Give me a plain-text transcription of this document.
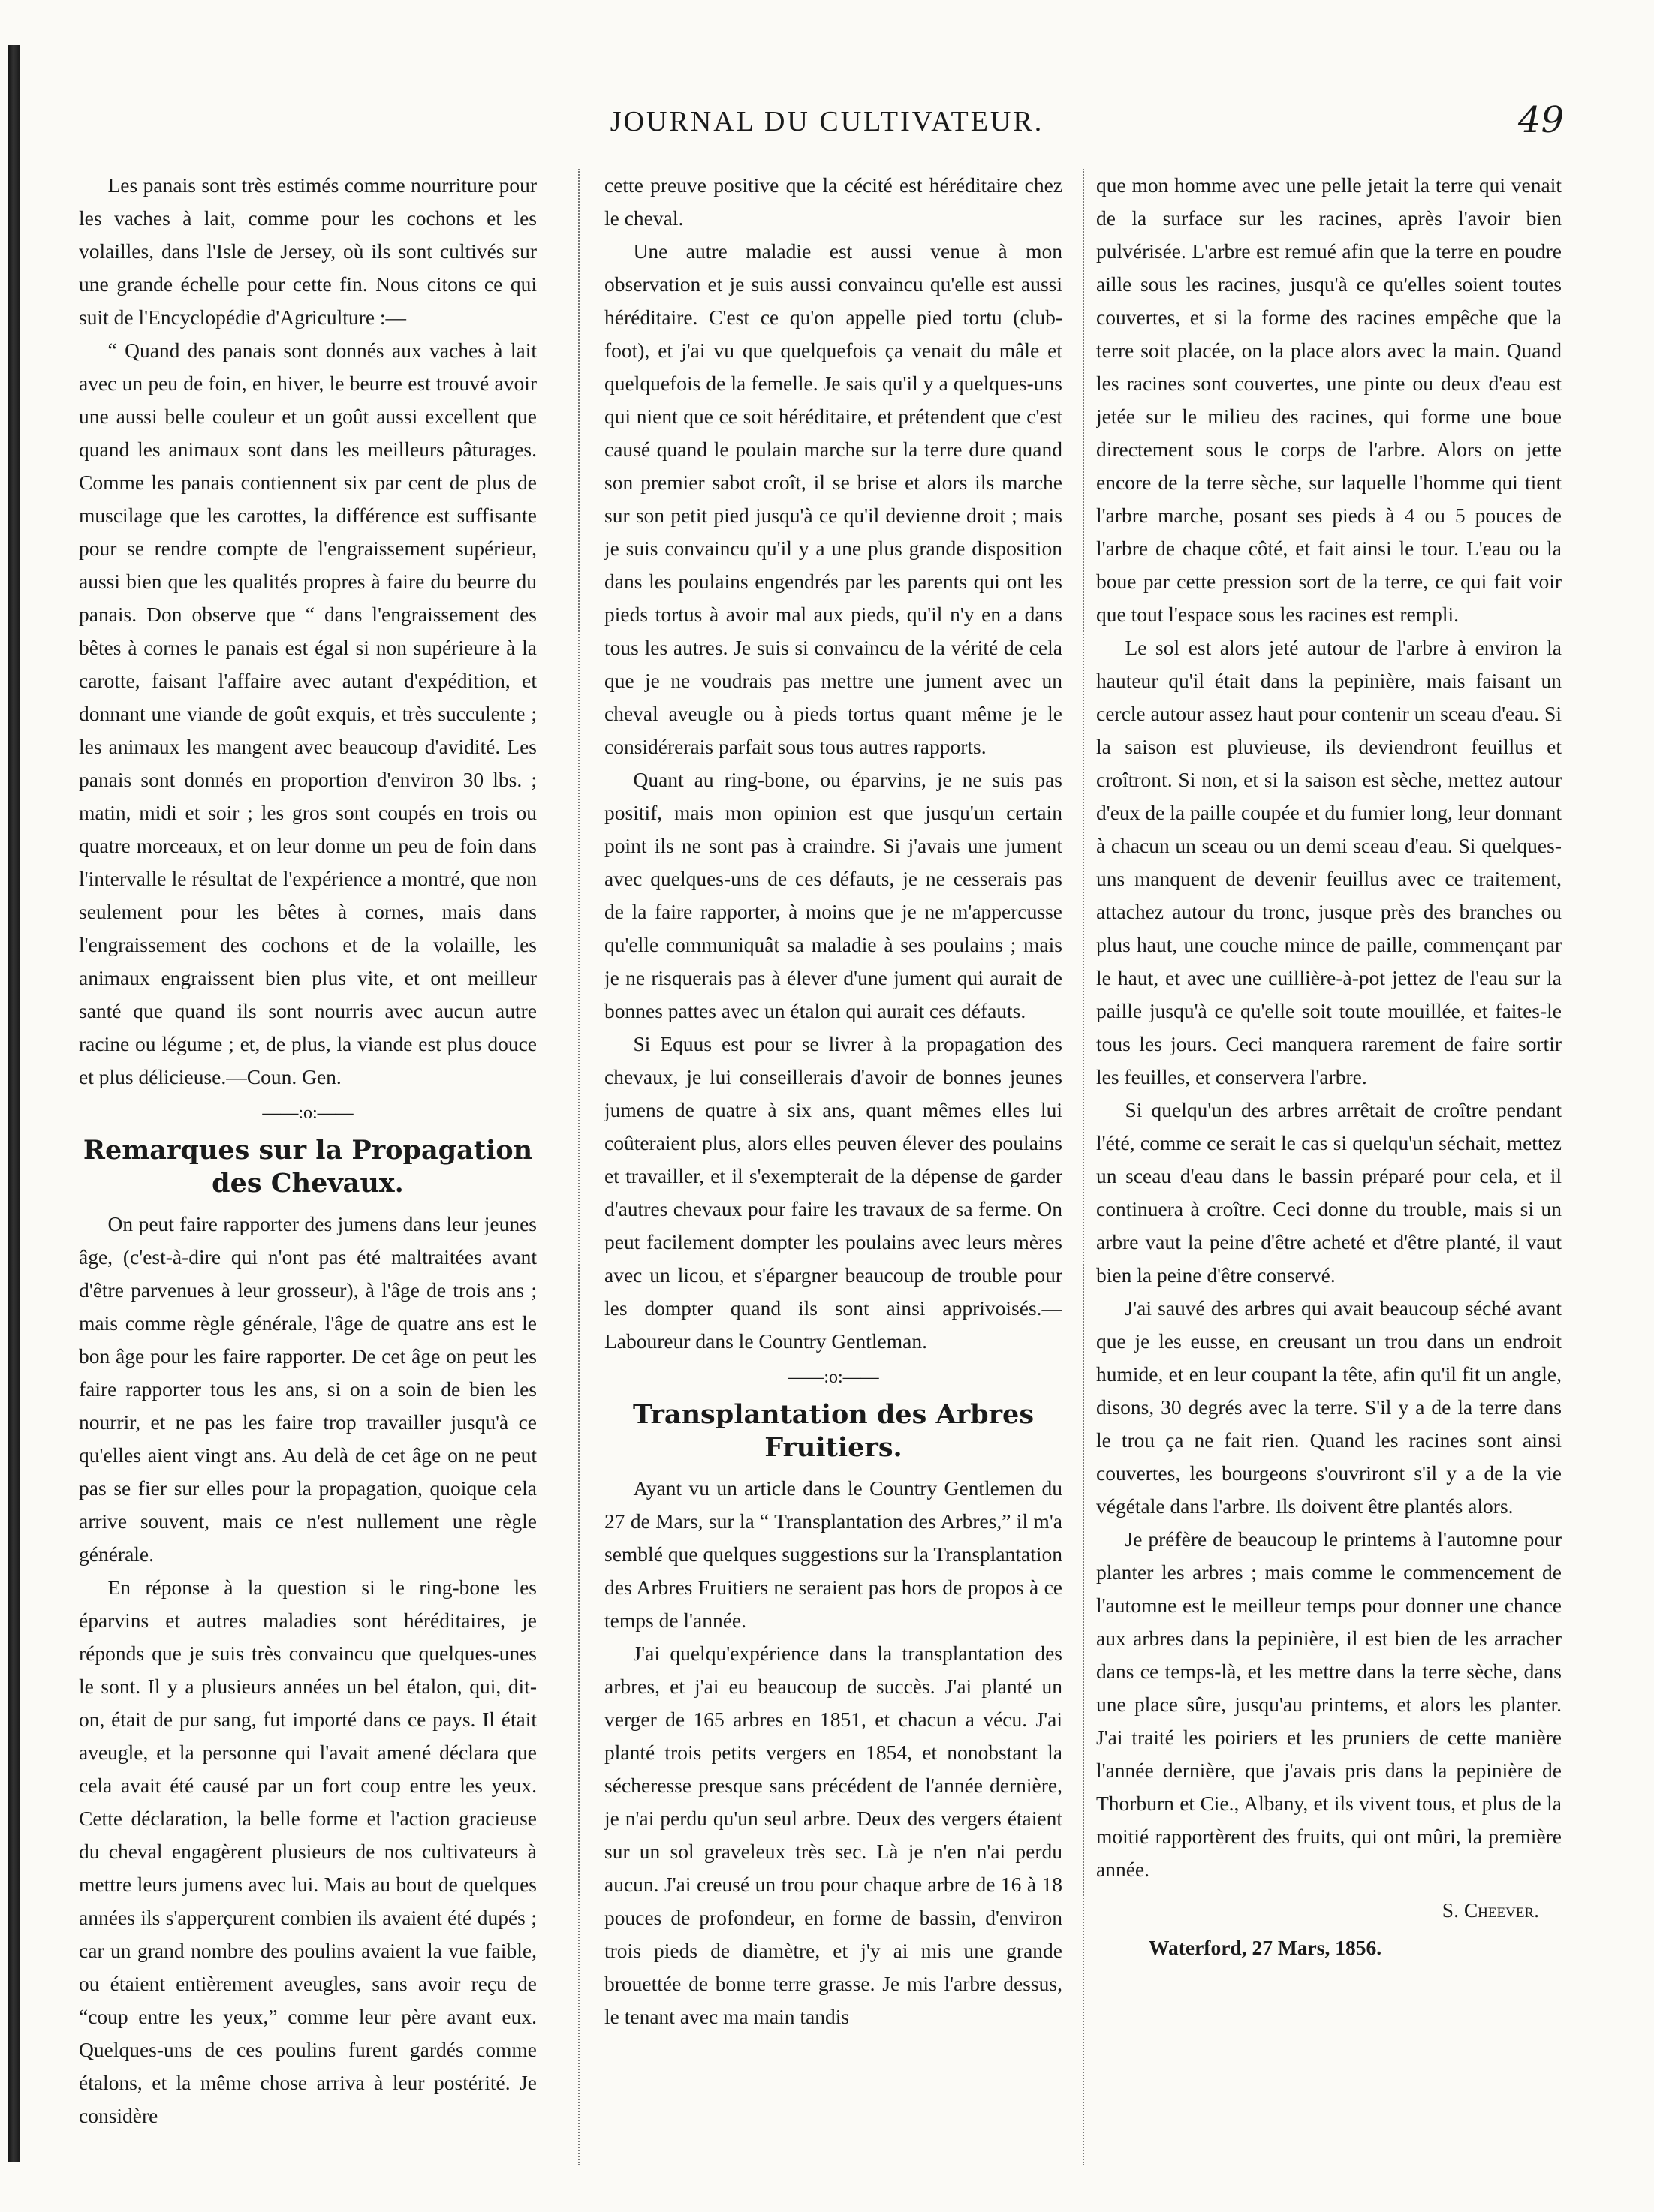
JOURNAL DU CULTIVATEUR.	49

Les panais sont très estimés comme nourriture pour les vaches à lait, comme pour les cochons et les volailles, dans l'Isle de Jersey, où ils sont cultivés sur une grande échelle pour cette fin. Nous citons ce qui suit de l'Encyclopédie d'Agriculture :—

“ Quand des panais sont donnés aux vaches à lait avec un peu de foin, en hiver, le beurre est trouvé avoir une aussi belle couleur et un goût aussi excellent que quand les animaux sont dans les meilleurs pâturages. Comme les panais contiennent six par cent de plus de muscilage que les carottes, la différence est suffisante pour se rendre compte de l'engraissement supérieur, aussi bien que les qualités propres à faire du beurre du panais. Don observe que “ dans l'engraissement des bêtes à cornes le panais est égal si non supérieure à la carotte, faisant l'affaire avec autant d'expédition, et donnant une viande de goût exquis, et très succulente ; les animaux les mangent avec beaucoup d'avidité. Les panais sont donnés en proportion d'environ 30 lbs. ; matin, midi et soir ; les gros sont coupés en trois ou quatre morceaux, et on leur donne un peu de foin dans l'intervalle le résultat de l'expérience a montré, que non seulement pour les bêtes à cornes, mais dans l'engraissement des cochons et de la volaille, les animaux engraissent bien plus vite, et ont meilleur santé que quand ils sont nourris avec aucun autre racine ou légume ; et, de plus, la viande est plus douce et plus délicieuse.—Coun. Gen.

——:o:——
Remarques sur la Propagation des Chevaux.

On peut faire rapporter des jumens dans leur jeunes âge, (c'est-à-dire qui n'ont pas été maltraitées avant d'être parvenues à leur grosseur), à l'âge de trois ans ; mais comme règle générale, l'âge de quatre ans est le bon âge pour les faire rapporter. De cet âge on peut les faire rapporter tous les ans, si on a soin de bien les nourrir, et ne pas les faire trop travailler jusqu'à ce qu'elles aient vingt ans. Au delà de cet âge on ne peut pas se fier sur elles pour la propagation, quoique cela arrive souvent, mais ce n'est nullement une règle générale.

En réponse à la question si le ring-bone les éparvins et autres maladies sont héréditaires, je réponds que je suis très convaincu que quelques-unes le sont. Il y a plusieurs années un bel étalon, qui, dit-on, était de pur sang, fut importé dans ce pays. Il était aveugle, et la personne qui l'avait amené déclara que cela avait été causé par un fort coup entre les yeux. Cette déclaration, la belle forme et l'action gracieuse du cheval engagèrent plusieurs de nos cultivateurs à mettre leurs jumens avec lui. Mais au bout de quelques années ils s'apperçurent combien ils avaient été dupés ; car un grand nombre des poulins avaient la vue faible, ou étaient entièrement aveugles, sans avoir reçu de “coup entre les yeux,” comme leur père avant eux. Quelques-uns de ces poulins furent gardés comme étalons, et la même chose arriva à leur postérité. Je considère

cette preuve positive que la cécité est héréditaire chez le cheval.

Une autre maladie est aussi venue à mon observation et je suis aussi convaincu qu'elle est aussi héréditaire. C'est ce qu'on appelle pied tortu (club-foot), et j'ai vu que quelquefois ça venait du mâle et quelquefois de la femelle. Je sais qu'il y a quelques-uns qui nient que ce soit héréditaire, et prétendent que c'est causé quand le poulain marche sur la terre dure quand son premier sabot croît, il se brise et alors ils marche sur son petit pied jusqu'à ce qu'il devienne droit ; mais je suis convaincu qu'il y a une plus grande disposition dans les poulains engendrés par les parents qui ont les pieds tortus à avoir mal aux pieds, qu'il n'y en a dans tous les autres. Je suis si convaincu de la vérité de cela que je ne voudrais pas mettre une jument avec un cheval aveugle ou à pieds tortus quant même je le considérerais parfait sous tous autres rapports.

Quant au ring-bone, ou éparvins, je ne suis pas positif, mais mon opinion est que jusqu'un certain point ils ne sont pas à craindre. Si j'avais une jument avec quelques-uns de ces défauts, je ne cesserais pas de la faire rapporter, à moins que je ne m'appercusse qu'elle communiquât sa maladie à ses poulains ; mais je ne risquerais pas à élever d'une jument qui aurait de bonnes pattes avec un étalon qui aurait ces défauts.

Si Equus est pour se livrer à la propagation des chevaux, je lui conseillerais d'avoir de bonnes jeunes jumens de quatre à six ans, quant mêmes elles lui coûteraient plus, alors elles peuven élever des poulains et travailler, et il s'exempterait de la dépense de garder d'autres chevaux pour faire les travaux de sa ferme. On peut facilement dompter les poulains avec leurs mères avec un licou, et s'épargner beaucoup de trouble pour les dompter quand ils sont ainsi apprivoisés.—Laboureur dans le Country Gentleman.

——:o:——
Transplantation des Arbres Fruitiers.

Ayant vu un article dans le Country Gentlemen du 27 de Mars, sur la “ Transplantation des Arbres,” il m'a semblé que quelques suggestions sur la Transplantation des Arbres Fruitiers ne seraient pas hors de propos à ce temps de l'année.

J'ai quelqu'expérience dans la transplantation des arbres, et j'ai eu beaucoup de succès. J'ai planté un verger de 165 arbres en 1851, et chacun a vécu. J'ai planté trois petits vergers en 1854, et nonobstant la sécheresse presque sans précédent de l'année dernière, je n'ai perdu qu'un seul arbre. Deux des vergers étaient sur un sol graveleux très sec. Là je n'en n'ai perdu aucun. J'ai creusé un trou pour chaque arbre de 16 à 18 pouces de profondeur, en forme de bassin, d'environ trois pieds de diamètre, et j'y ai mis une grande brouettée de bonne terre grasse. Je mis l'arbre dessus, le tenant avec ma main tandis

que mon homme avec une pelle jetait la terre qui venait de la surface sur les racines, après l'avoir bien pulvérisée. L'arbre est remué afin que la terre en poudre aille sous les racines, jusqu'à ce qu'elles soient toutes couvertes, et si la forme des racines empêche que la terre soit placée, on la place alors avec la main. Quand les racines sont couvertes, une pinte ou deux d'eau est jetée sur le milieu des racines, qui forme une boue directement sous le corps de l'arbre. Alors on jette encore de la terre sèche, sur laquelle l'homme qui tient l'arbre marche, posant ses pieds à 4 ou 5 pouces de l'arbre de chaque côté, et fait ainsi le tour. L'eau ou la boue par cette pression sort de la terre, ce qui fait voir que tout l'espace sous les racines est rempli.

Le sol est alors jeté autour de l'arbre à environ la hauteur qu'il était dans la pepinière, mais faisant un cercle autour assez haut pour contenir un sceau d'eau. Si la saison est pluvieuse, ils deviendront feuillus et croîtront. Si non, et si la saison est sèche, mettez autour d'eux de la paille coupée et du fumier long, leur donnant à chacun un sceau ou un demi sceau d'eau. Si quelques-uns manquent de devenir feuillus avec ce traitement, attachez autour du tronc, jusque près des branches ou plus haut, une couche mince de paille, commençant par le haut, et avec une cuillière-à-pot jettez de l'eau sur la paille jusqu'à ce qu'elle soit toute mouillée, et faites-le tous les jours. Ceci manquera rarement de faire sortir les feuilles, et conservera l'arbre.

Si quelqu'un des arbres arrêtait de croître pendant l'été, comme ce serait le cas si quelqu'un séchait, mettez un sceau d'eau dans le bassin préparé pour cela, et il continuera à croître. Ceci donne du trouble, mais si un arbre vaut la peine d'être acheté et d'être planté, il vaut bien la peine d'être conservé.

J'ai sauvé des arbres qui avait beaucoup séché avant que je les eusse, en creusant un trou dans un endroit humide, et en leur coupant la tête, afin qu'il fit un angle, disons, 30 degrés avec la terre. S'il y a de la terre dans le trou ça ne fait rien. Quand les racines sont ainsi couvertes, les bourgeons s'ouvriront s'il y a de la vie végétale dans l'arbre. Ils doivent être plantés alors.

Je préfère de beaucoup le printems à l'automne pour planter les arbres ; mais comme le commencement de l'automne est le meilleur temps pour donner une chance aux arbres dans la pepinière, il est bien de les arracher dans ce temps-là, et les mettre dans la terre sèche, dans une place sûre, jusqu'au printems, et alors les planter. J'ai traité les poiriers et les pruniers de cette manière l'année dernière, que j'avais pris dans la pepinière de Thorburn et Cie., Albany, et ils vivent tous, et plus de la moitié rapportèrent des fruits, qui ont mûri, la première année.

S. Cheever.
Waterford, 27 Mars, 1856.
